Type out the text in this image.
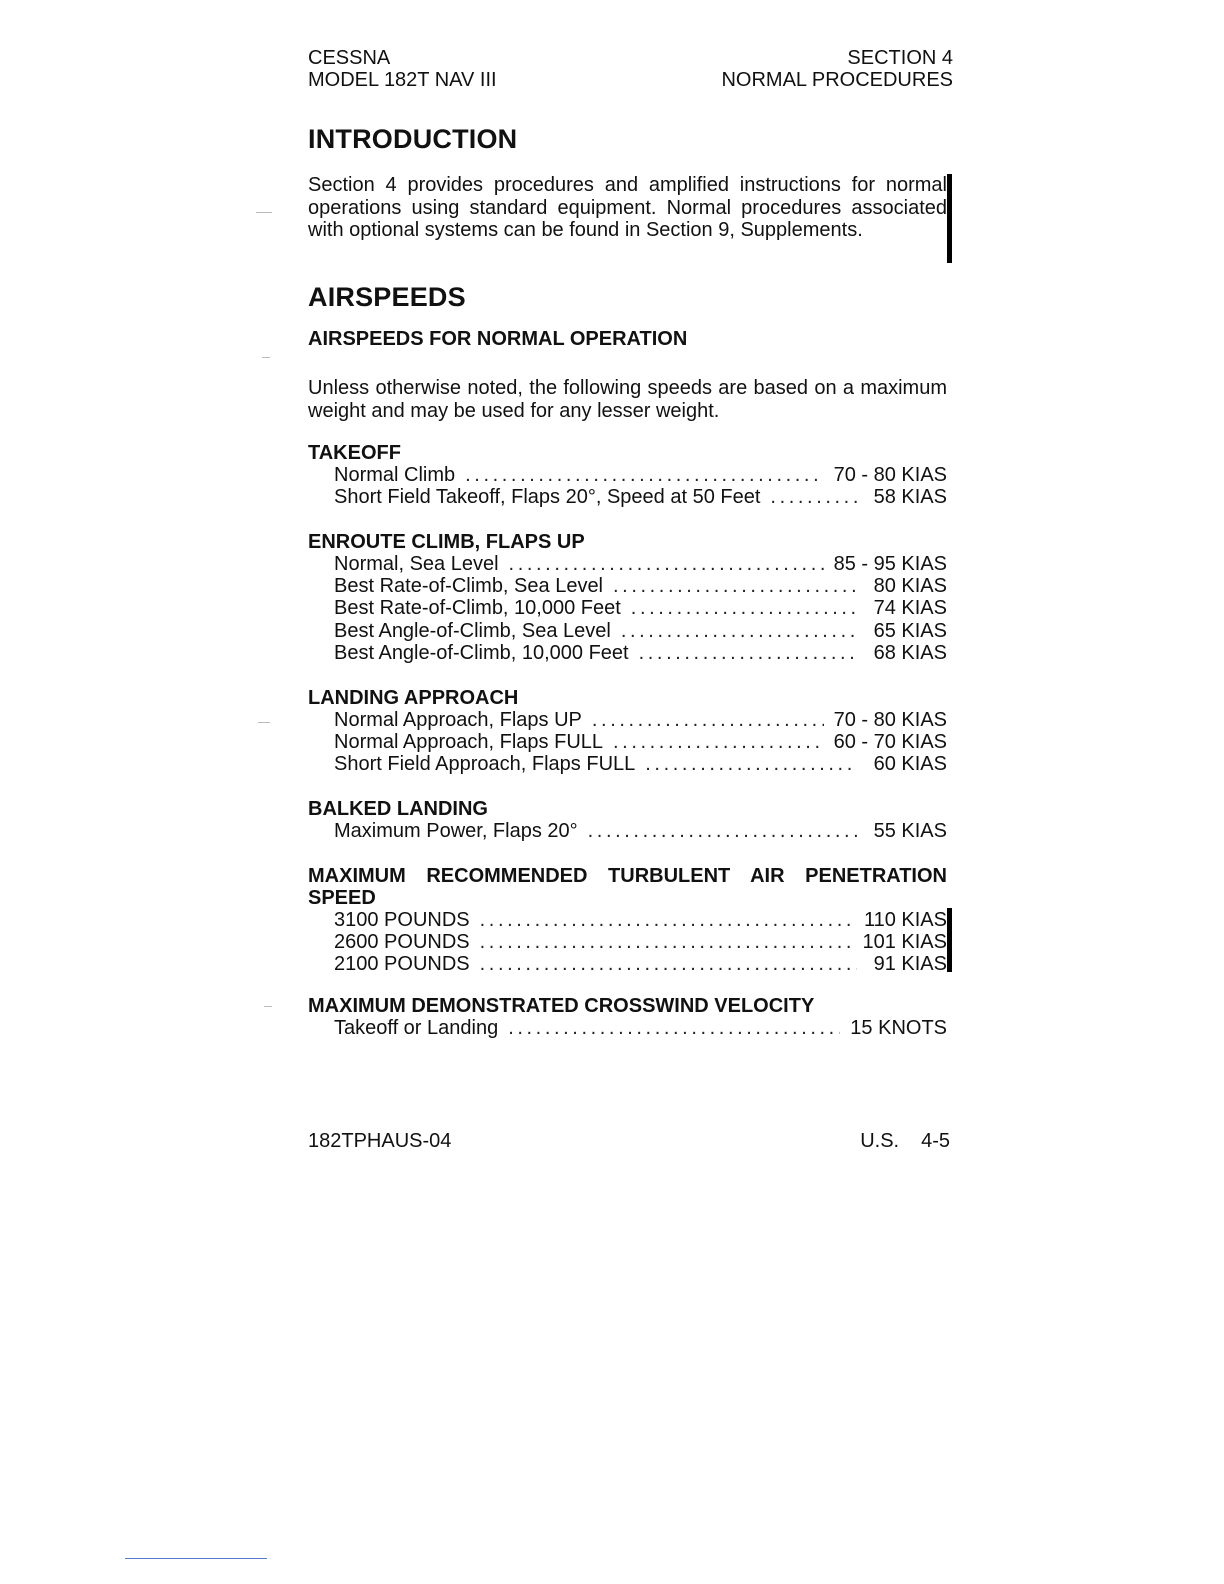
CESSNA
MODEL 182T NAV III
SECTION 4
NORMAL PROCEDURES
INTRODUCTION

Section 4 provides procedures and amplified instructions for normal operations using standard equipment. Normal procedures associated with optional systems can be found in Section 9, Supplements.

AIRSPEEDS
AIRSPEEDS FOR NORMAL OPERATION

Unless otherwise noted, the following speeds are based on a maximum weight and may be used for any lesser weight.

TAKEOFF
Normal Climb .....	70 - 80 KIAS
Short Field Takeoff, Flaps 20°, Speed at 50 Feet .....	58 KIAS
ENROUTE CLIMB, FLAPS UP
Normal, Sea Level .....	85 - 95 KIAS
Best Rate-of-Climb, Sea Level .....	80 KIAS
Best Rate-of-Climb, 10,000 Feet .....	74 KIAS
Best Angle-of-Climb, Sea Level .....	65 KIAS
Best Angle-of-Climb, 10,000 Feet .....	68 KIAS
LANDING APPROACH
Normal Approach, Flaps UP .....	70 - 80 KIAS
Normal Approach, Flaps FULL .....	60 - 70 KIAS
Short Field Approach, Flaps FULL .....	60 KIAS
BALKED LANDING
Maximum Power, Flaps 20° .....	55 KIAS
MAXIMUM RECOMMENDED TURBULENT AIR PENETRATION SPEED
3100 POUNDS .....	110 KIAS
2600 POUNDS .....	101 KIAS
2100 POUNDS .....	91 KIAS
MAXIMUM DEMONSTRATED CROSSWIND VELOCITY
Takeoff or Landing .....	15 KNOTS
182TPHAUS-04	U.S. 4-5
